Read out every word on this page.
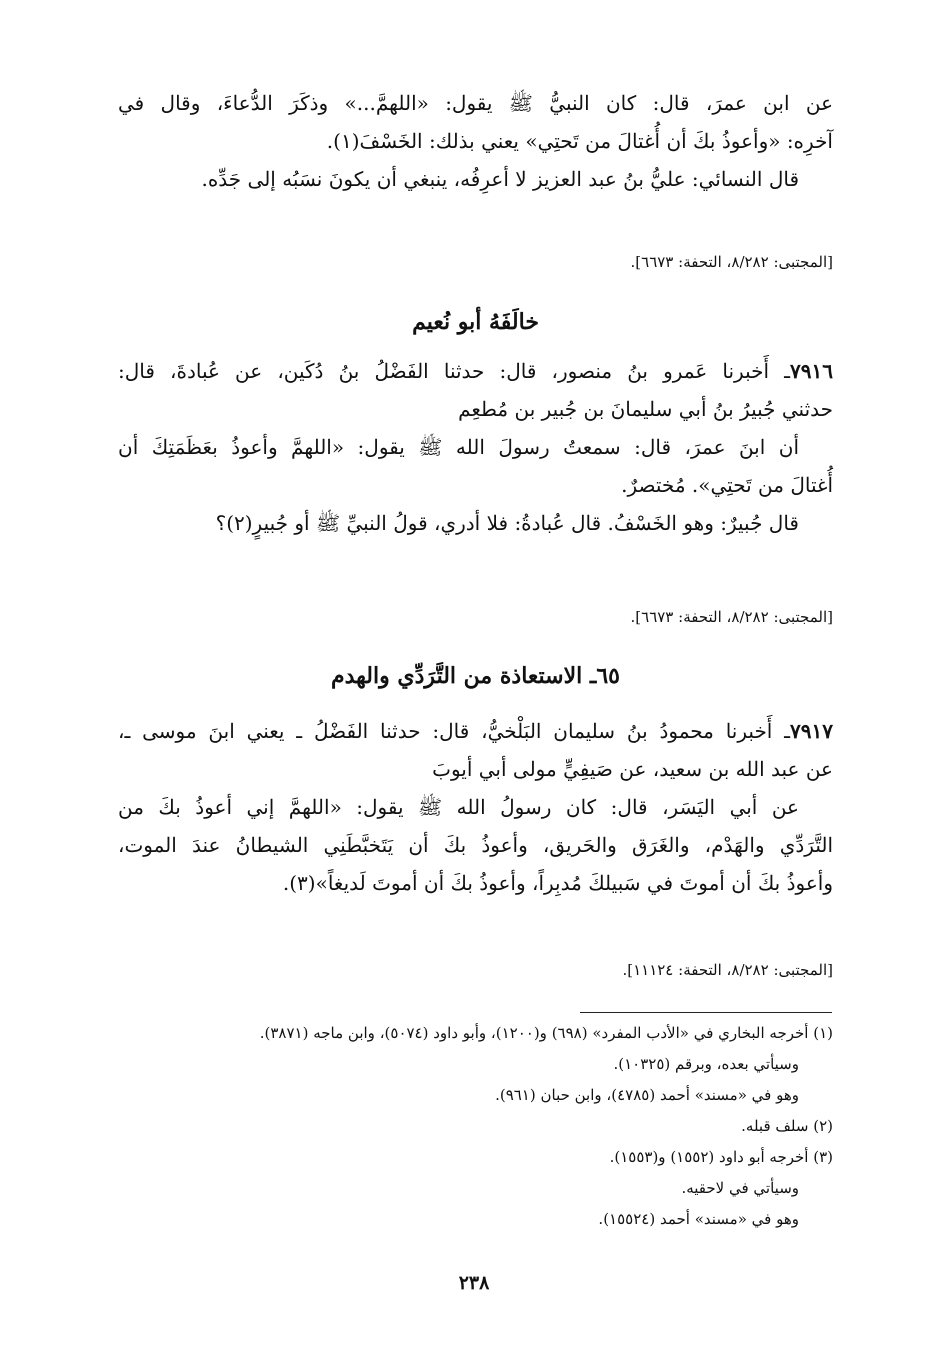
عن ابن عمرَ، قال: كان النبيُّ ﷺ يقول: «اللهمَّ...» وذكَرَ الدُّعاءَ، وقال في

آخرِه: «وأعوذُ بكَ أن أُغتالَ من تَحتِي» يعني بذلك: الخَسْفَ(١).

قال النسائي: عليُّ بنُ عبد العزيز لا أعرِفُه، ينبغي أن يكونَ نسَبُه إلى جَدِّه.

[المجتبى: ٨/٢٨٢، التحفة: ٦٦٧٣].

خالَفَهُ أبو نُعيم

٧٩١٦ـ أَخبرنا عَمرو بنُ منصور، قال: حدثنا الفَضْلُ بنُ دُكَين، عن عُبادةَ، قال:

حدثني جُبيرُ بنُ أبي سليمانَ بن جُبير بن مُطعِم

أن ابنَ عمرَ، قال: سمعتُ رسولَ الله ﷺ يقول: «اللهمَّ وأعوذُ بعَظَمَتِكَ أن

أُغتالَ من تَحتِي». مُختصرٌ.

قال جُبيرٌ: وهو الخَسْفُ. قال عُبادةُ: فلا أدري، قولُ النبيِّ ﷺ أو جُبيرٍ(٢)؟

[المجتبى: ٨/٢٨٢، التحفة: ٦٦٧٣].

٦٥ـ الاستعاذة من التَّرَدِّي والهدم

٧٩١٧ـ أَخبرنا محمودُ بنُ سليمان البَلْخيُّ، قال: حدثنا الفَضْلُ ـ يعني ابنَ موسى ـ،

عن عبد الله بن سعيد، عن صَيفِيٍّ مولى أبي أيوبَ

عن أبي اليَسَر، قال: كان رسولُ الله ﷺ يقول: «اللهمَّ إني أعوذُ بكَ من

التَّرَدِّي والهَدْم، والغَرَق والحَريق، وأعوذُ بكَ أن يَتَخبَّطَنِي الشيطانُ عندَ الموت،

وأعوذُ بكَ أن أموتَ في سَبيلكَ مُدبِراً، وأعوذُ بكَ أن أموتَ لَديغاً»(٣).

[المجتبى: ٨/٢٨٢، التحفة: ١١١٢٤].

(١) أخرجه البخاري في «الأدب المفرد» (٦٩٨) و(١٢٠٠)، وأبو داود (٥٠٧٤)، وابن ماجه (٣٨٧١).

وسيأتي بعده، وبرقم (١٠٣٢٥).

وهو في «مسند» أحمد (٤٧٨٥)، وابن حبان (٩٦١).

(٢) سلف قبله.

(٣) أخرجه أبو داود (١٥٥٢) و(١٥٥٣).

وسيأتي في لاحقيه.

وهو في «مسند» أحمد (١٥٥٢٤).

٢٣٨
